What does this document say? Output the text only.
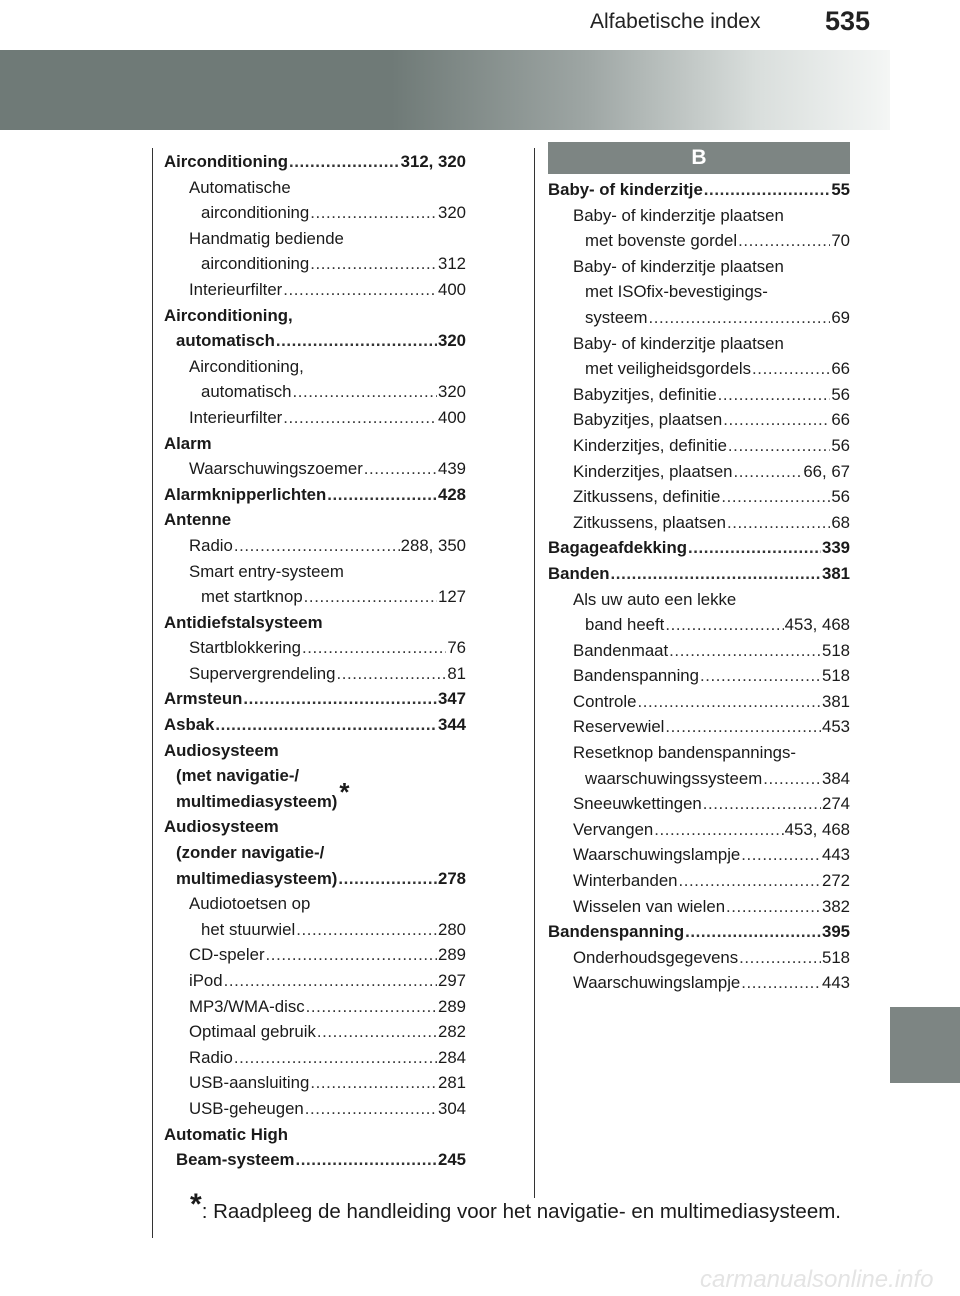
Alfabetische index 535
Airconditioning .....	312, 320
Automatische
airconditioning .....	320
Handmatig bediende
airconditioning .....	312
Interieurfilter .....	400
Airconditioning,
automatisch .....	320
Airconditioning,
automatisch .....	320
Interieurfilter .....	400
Alarm
Waarschuwingszoemer .....	439
Alarmknipperlichten .....	428
Antenne
Radio .....	288, 350
Smart entry-systeem
met startknop .....	127
Antidiefstalsysteem
Startblokkering .....	76
Supervergrendeling .....	81
Armsteun .....	347
Asbak .....	344
Audiosysteem
(met navigatie-/
multimediasysteem) *
Audiosysteem
(zonder navigatie-/
multimediasysteem) .....	278
Audiotoetsen op
het stuurwiel .....	280
CD-speler .....	289
iPod .....	297
MP3/WMA-disc .....	289
Optimaal gebruik .....	282
Radio .....	284
USB-aansluiting .....	281
USB-geheugen .....	304
Automatic High
Beam-systeem .....	245
B
Baby- of kinderzitje .....	55
Baby- of kinderzitje plaatsen
met bovenste gordel .....	70
Baby- of kinderzitje plaatsen
met ISOfix-bevestigings-
systeem .....	69
Baby- of kinderzitje plaatsen
met veiligheidsgordels .....	66
Babyzitjes, definitie .....	56
Babyzitjes, plaatsen .....	66
Kinderzitjes, definitie .....	56
Kinderzitjes, plaatsen .....	66, 67
Zitkussens, definitie .....	56
Zitkussens, plaatsen .....	68
Bagageafdekking .....	339
Banden .....	381
Als uw auto een lekke
band heeft .....	453, 468
Bandenmaat .....	518
Bandenspanning .....	518
Controle .....	381
Reservewiel .....	453
Resetknop bandenspannings-
waarschuwingssysteem .....	384
Sneeuwkettingen .....	274
Vervangen .....	453, 468
Waarschuwingslampje .....	443
Winterbanden .....	272
Wisselen van wielen .....	382
Bandenspanning .....	395
Onderhoudsgegevens .....	518
Waarschuwingslampje .....	443
*: Raadpleeg de handleiding voor het navigatie- en multimediasysteem.
carmanualsonline.info
